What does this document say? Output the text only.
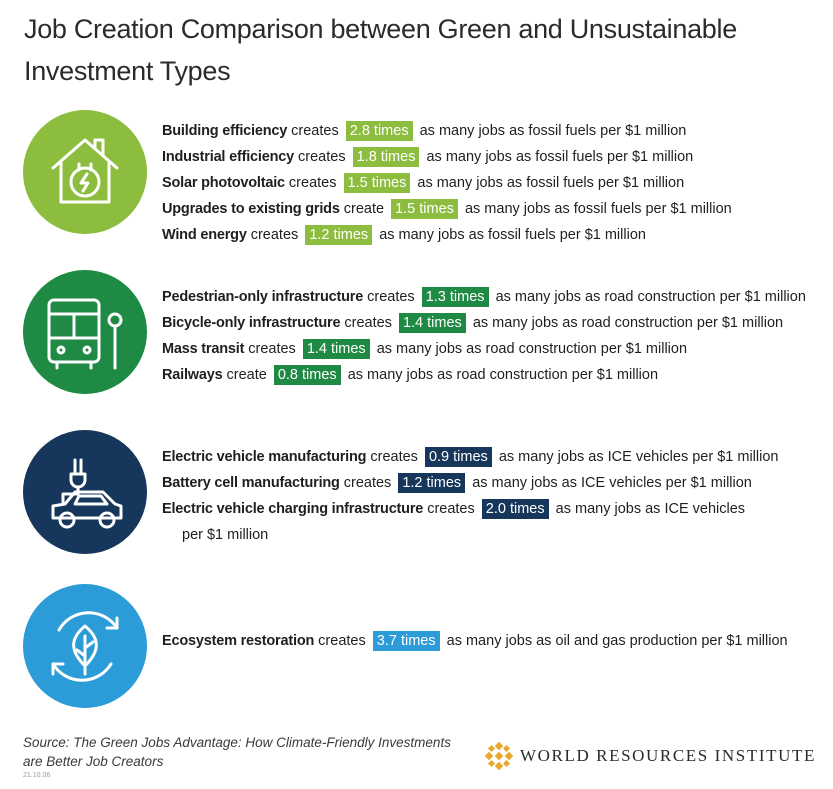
Job Creation Comparison between Green and Unsustainable
Investment Types
Building efficiency creates 2.8 times as many jobs as fossil fuels per $1 million
Industrial efficiency creates 1.8 times as many jobs as fossil fuels per $1 million
Solar photovoltaic creates 1.5 times as many jobs as fossil fuels per $1 million
Upgrades to existing grids create 1.5 times as many jobs as fossil fuels per $1 million
Wind energy creates 1.2 times as many jobs as fossil fuels per $1 million
Pedestrian-only infrastructure creates 1.3 times as many jobs as road construction per $1 million
Bicycle-only infrastructure creates 1.4 times as many jobs as road construction per $1 million
Mass transit creates 1.4 times as many jobs as road construction per $1 million
Railways create 0.8 times as many jobs as road construction per $1 million
Electric vehicle manufacturing creates 0.9 times as many jobs as ICE vehicles per $1 million
Battery cell manufacturing creates 1.2 times as many jobs as ICE vehicles per $1 million
Electric vehicle charging infrastructure creates 2.0 times as many jobs as ICE vehicles
per $1 million
Ecosystem restoration creates 3.7 times as many jobs as oil and gas production per $1 million
Source: The Green Jobs Advantage: How Climate-Friendly Investments
are Better Job Creators
21.10.06
WORLD RESOURCES INSTITUTE
